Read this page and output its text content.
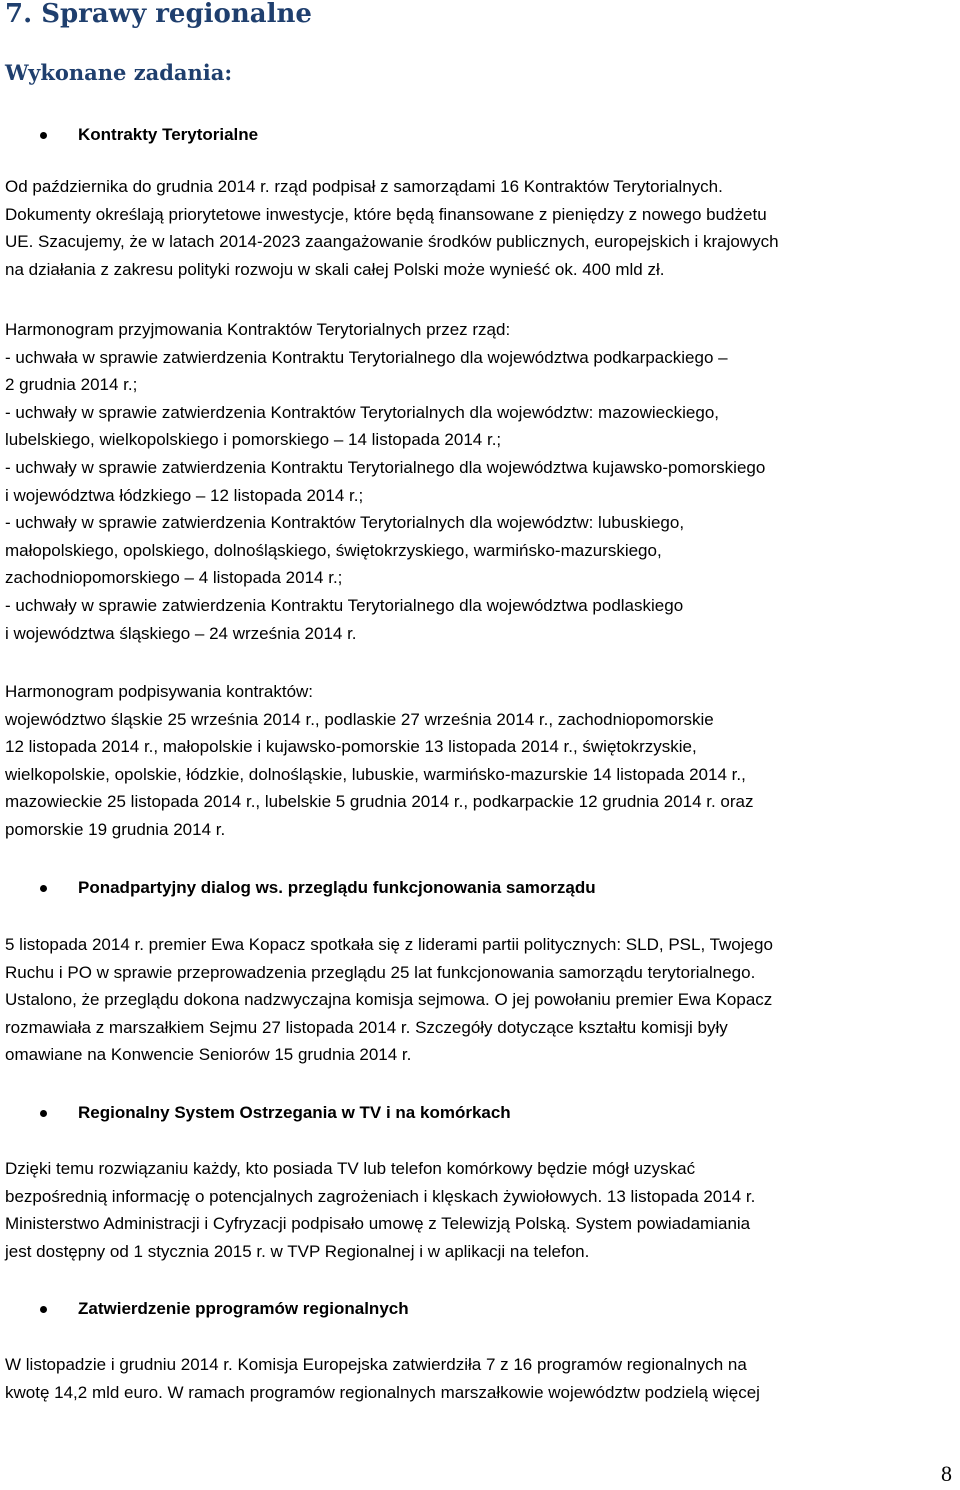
7. Sprawy regionalne
Wykonane zadania:
Kontrakty Terytorialne
Od października do grudnia 2014 r. rząd podpisał z samorządami 16 Kontraktów Terytorialnych.
Dokumenty określają priorytetowe inwestycje, które będą finansowane z pieniędzy z nowego budżetu
UE. Szacujemy, że w latach 2014-2023 zaangażowanie środków publicznych, europejskich i krajowych
na działania z zakresu polityki rozwoju w skali całej Polski może wynieść ok. 400 mld zł.
Harmonogram przyjmowania Kontraktów Terytorialnych przez rząd:
- uchwała w sprawie zatwierdzenia Kontraktu Terytorialnego dla województwa podkarpackiego –
2 grudnia 2014 r.;
- uchwały w sprawie zatwierdzenia Kontraktów Terytorialnych dla województw: mazowieckiego,
lubelskiego, wielkopolskiego i pomorskiego – 14 listopada 2014 r.;
- uchwały w sprawie zatwierdzenia Kontraktu Terytorialnego dla województwa kujawsko-pomorskiego
i województwa łódzkiego – 12 listopada 2014 r.;
- uchwały w sprawie zatwierdzenia Kontraktów Terytorialnych dla województw: lubuskiego,
małopolskiego, opolskiego, dolnośląskiego, świętokrzyskiego, warmińsko-mazurskiego,
zachodniopomorskiego – 4 listopada 2014 r.;
- uchwały w sprawie zatwierdzenia Kontraktu Terytorialnego dla województwa podlaskiego
i województwa śląskiego – 24 września 2014 r.
Harmonogram podpisywania kontraktów:
województwo śląskie 25 września 2014 r., podlaskie 27 września 2014 r., zachodniopomorskie
12 listopada 2014 r., małopolskie i kujawsko-pomorskie 13 listopada 2014 r., świętokrzyskie,
wielkopolskie, opolskie, łódzkie, dolnośląskie, lubuskie, warmińsko-mazurskie 14 listopada 2014 r.,
mazowieckie 25 listopada 2014 r., lubelskie 5 grudnia 2014 r., podkarpackie 12 grudnia 2014 r. oraz
pomorskie 19 grudnia 2014 r.
Ponadpartyjny dialog ws. przeglądu funkcjonowania samorządu
5 listopada 2014 r. premier Ewa Kopacz spotkała się z liderami partii politycznych: SLD, PSL, Twojego
Ruchu i PO w sprawie przeprowadzenia przeglądu 25 lat funkcjonowania samorządu terytorialnego.
Ustalono, że przeglądu dokona nadzwyczajna komisja sejmowa. O jej powołaniu premier Ewa Kopacz
rozmawiała z marszałkiem Sejmu 27 listopada 2014 r. Szczegóły dotyczące kształtu komisji były
omawiane na Konwencie Seniorów 15 grudnia 2014 r.
Regionalny System Ostrzegania w TV i na komórkach
Dzięki temu rozwiązaniu każdy, kto posiada TV lub telefon komórkowy będzie mógł uzyskać
bezpośrednią informację o potencjalnych zagrożeniach i klęskach żywiołowych. 13 listopada 2014 r.
Ministerstwo Administracji i Cyfryzacji podpisało umowę z Telewizją Polską. System powiadamiania
jest dostępny od 1 stycznia 2015 r. w TVP Regionalnej i w aplikacji na telefon.
Zatwierdzenie pprogramów regionalnych
W listopadzie i grudniu 2014 r. Komisja Europejska zatwierdziła 7 z 16 programów regionalnych na
kwotę 14,2 mld euro. W ramach programów regionalnych marszałkowie województw podzielą więcej
8
